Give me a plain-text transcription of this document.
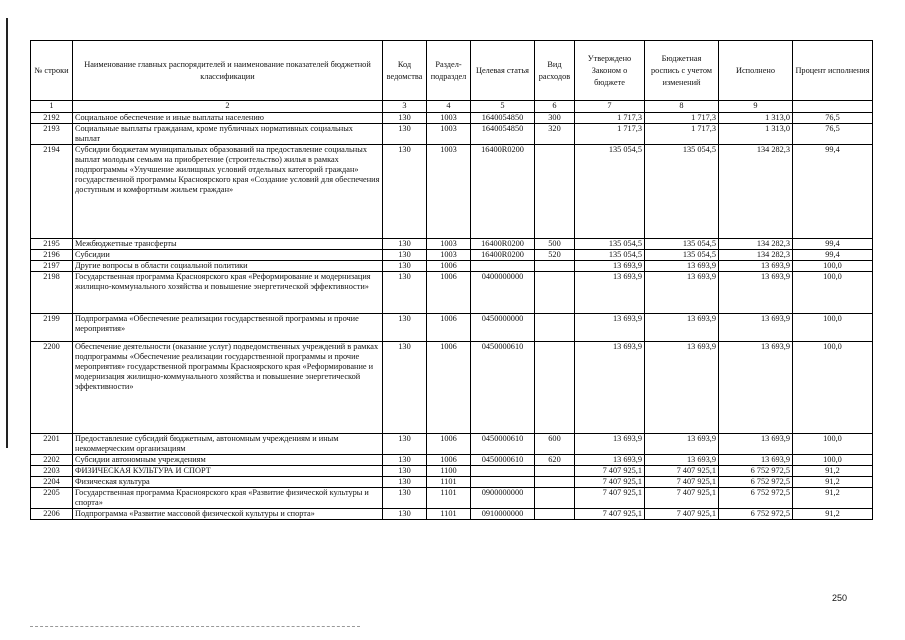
№ строки	Наименование главных распорядителей и наименование показателей бюджетной классификации	Код ведомства	Раздел-подраздел	Целевая статья	Вид расходов	Утверждено Законом о бюджете	Бюджетная роспись с учетом изменений	Исполнено	Процент исполнения
1	2	3	4	5	6	7	8	9	
2192	Социальное обеспечение и иные выплаты населению	130	1003	1640054850	300	1 717,3	1 717,3	1 313,0	76,5
2193	Социальные выплаты гражданам, кроме публичных нормативных социальных выплат	130	1003	1640054850	320	1 717,3	1 717,3	1 313,0	76,5
2194	Субсидии бюджетам муниципальных образований на предоставление социальных выплат молодым семьям на приобретение (строительство) жилья в рамках подпрограммы «Улучшение жилищных условий отдельных категорий граждан» государственной программы Красноярского края «Создание условий для обеспечения доступным и комфортным жильем граждан»	130	1003	16400R0200		135 054,5	135 054,5	134 282,3	99,4
2195	Межбюджетные трансферты	130	1003	16400R0200	500	135 054,5	135 054,5	134 282,3	99,4
2196	Субсидии	130	1003	16400R0200	520	135 054,5	135 054,5	134 282,3	99,4
2197	Другие вопросы в области социальной политики	130	1006			13 693,9	13 693,9	13 693,9	100,0
2198	Государственная программа Красноярского края «Реформирование и модернизация жилищно-коммунального хозяйства и повышение энергетической эффективности»	130	1006	0400000000		13 693,9	13 693,9	13 693,9	100,0
2199	Подпрограмма «Обеспечение реализации государственной программы и прочие мероприятия»	130	1006	0450000000		13 693,9	13 693,9	13 693,9	100,0
2200	Обеспечение деятельности (оказание услуг) подведомственных учреждений в рамках подпрограммы «Обеспечение реализации государственной программы и прочие мероприятия» государственной программы Красноярского края «Реформирование и модернизация жилищно-коммунального хозяйства и повышение энергетической эффективности»	130	1006	0450000610		13 693,9	13 693,9	13 693,9	100,0
2201	Предоставление субсидий бюджетным, автономным учреждениям и иным некоммерческим организациям	130	1006	0450000610	600	13 693,9	13 693,9	13 693,9	100,0
2202	Субсидии автономным учреждениям	130	1006	0450000610	620	13 693,9	13 693,9	13 693,9	100,0
2203	ФИЗИЧЕСКАЯ КУЛЬТУРА И СПОРТ	130	1100			7 407 925,1	7 407 925,1	6 752 972,5	91,2
2204	Физическая культура	130	1101			7 407 925,1	7 407 925,1	6 752 972,5	91,2
2205	Государственная программа Красноярского края «Развитие физической культуры и спорта»	130	1101	0900000000		7 407 925,1	7 407 925,1	6 752 972,5	91,2
2206	Подпрограмма «Развитие массовой физической культуры и спорта»	130	1101	0910000000		7 407 925,1	7 407 925,1	6 752 972,5	91,2
250
